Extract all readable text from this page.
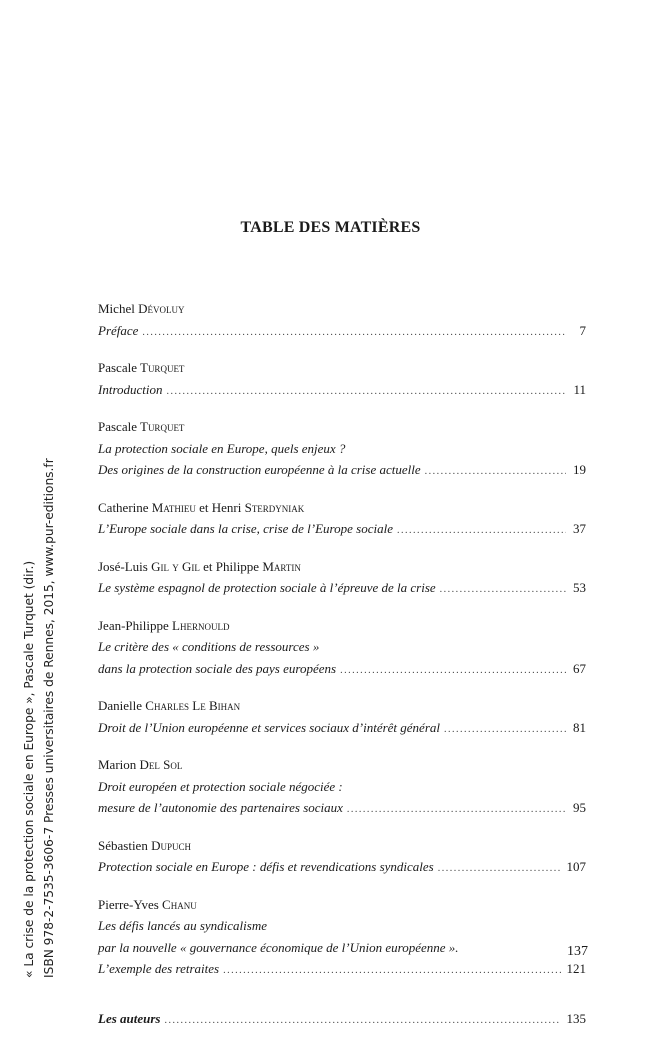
TABLE DES MATIÈRES
Michel Dévoluy
Préface .....	7
Pascale Turquet
Introduction .....	11
Pascale Turquet
La protection sociale en Europe, quels enjeux ?
Des origines de la construction européenne à la crise actuelle .....	19
Catherine Mathieu et Henri Sterdyniak
L’Europe sociale dans la crise, crise de l’Europe sociale .....	37
José-Luis Gil y Gil et Philippe Martin
Le système espagnol de protection sociale à l’épreuve de la crise .....	53
Jean-Philippe Lhernould
Le critère des « conditions de ressources »
dans la protection sociale des pays européens .....	67
Danielle Charles Le Bihan
Droit de l’Union européenne et services sociaux d’intérêt général .....	81
Marion Del Sol
Droit européen et protection sociale négociée :
mesure de l’autonomie des partenaires sociaux .....	95
Sébastien Dupuch
Protection sociale en Europe : défis et revendications syndicales .....	107
Pierre-Yves Chanu
Les défis lancés au syndicalisme
par la nouvelle « gouvernance économique de l’Union européenne ».
L’exemple des retraites .....	121
Les auteurs .....	135
137
« La crise de la protection sociale en Europe », Pascale Turquet (dir.) ISBN 978-2-7535-3606-7 Presses universitaires de Rennes, 2015, www.pur-editions.fr
